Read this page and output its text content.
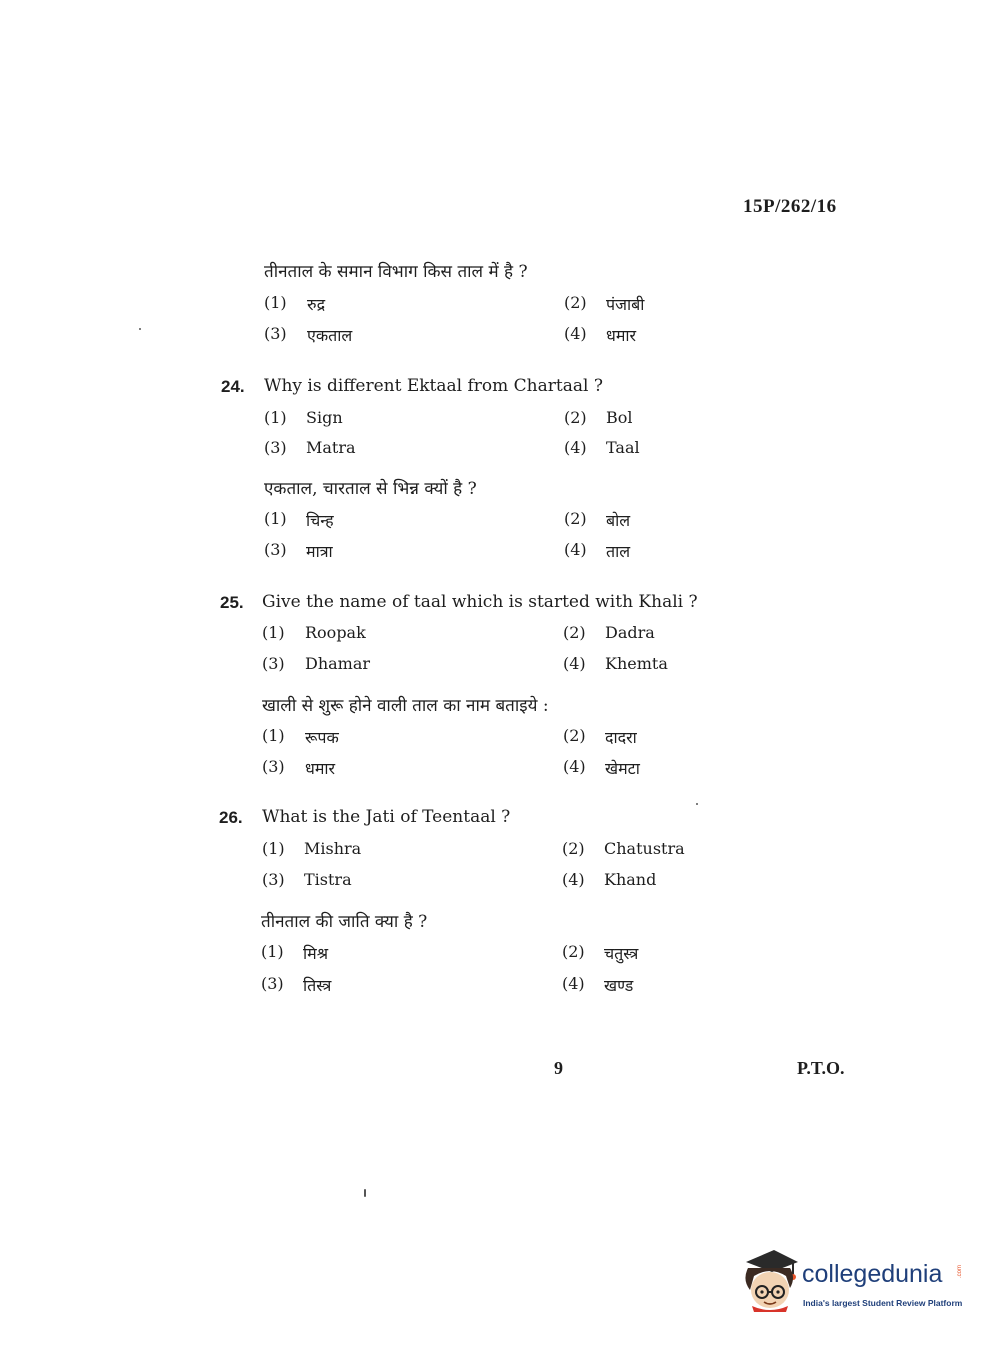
15P/262/16
तीनताल के समान विभाग किस ताल में है ?
(1) रुद्र	(2) पंजाबी
(3) एकताल	(4) धमार
24. Why is different Ektaal from Chartaal ?
(1) Sign	(2) Bol
(3) Matra	(4) Taal
एकताल, चारताल से भिन्न क्यों है ?
(1) चिन्ह	(2) बोल
(3) मात्रा	(4) ताल
25. Give the name of taal which is started with Khali ?
(1) Roopak	(2) Dadra
(3) Dhamar	(4) Khemta
खाली से शुरू होने वाली ताल का नाम बताइये :
(1) रूपक	(2) दादरा
(3) धमार	(4) खेमटा
26. What is the Jati of Teentaal ?
(1) Mishra	(2) Chatustra
(3) Tistra	(4) Khand
तीनताल की जाति क्या है ?
(1) मिश्र	(2) चतुस्त्र
(3) तिस्त्र	(4) खण्ड
9	P.T.O.
collegedunia .com
India's largest Student Review Platform
